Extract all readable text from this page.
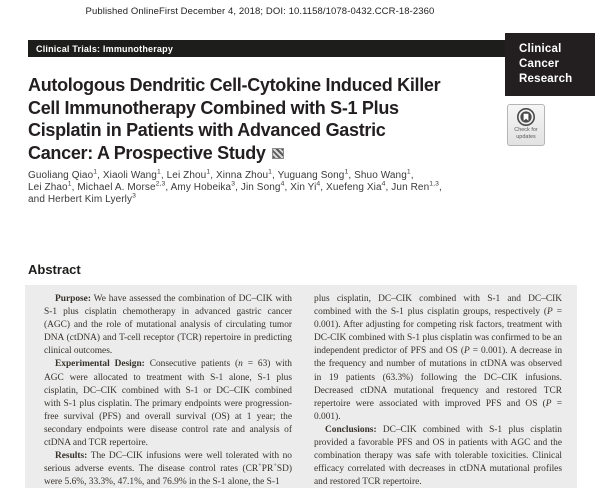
Published OnlineFirst December 4, 2018; DOI: 10.1158/1078-0432.CCR-18-2360
Clinical Trials: Immunotherapy	Clinical
Cancer
Research
Check for
updates
Autologous Dendritic Cell-Cytokine Induced Killer
Cell Immunotherapy Combined with S-1 Plus
Cisplatin in Patients with Advanced Gastric
Cancer: A Prospective Study
Guoliang Qiao$^1$, Xiaoli Wang$^1$, Lei Zhou$^1$, Xinna Zhou$^1$, Yuguang Song$^1$, Shuo Wang$^1$,
Lei Zhao$^1$, Michael A. Morse$^{2,3}$, Amy Hobeika$^3$, Jin Song$^4$, Xin Yi$^4$, Xuefeng Xia$^4$, Jun Ren$^{1,3}$,
and Herbert Kim Lyerly$^3$
Abstract

Purpose: We have assessed the combination of DC–CIK with S-1 plus cisplatin chemotherapy in advanced gastric cancer (AGC) and the role of mutational analysis of circulating tumor DNA (ctDNA) and T-cell receptor (TCR) repertoire in predicting clinical outcomes.

Experimental Design: Consecutive patients (n = 63) with AGC were allocated to treatment with S-1 alone, S-1 plus cisplatin, DC–CIK combined with S-1 or DC–CIK combined with S-1 plus cisplatin. The primary endpoints were progression-free survival (PFS) and overall survival (OS) at 1 year; the secondary endpoints were disease control rate and analysis of ctDNA and TCR repertoire.

Results: The DC–CIK infusions were well tolerated with no serious adverse events. The disease control rates (CR+PR+SD) were 5.6%, 33.3%, 47.1%, and 76.9% in the S-1 alone, the S-1

plus cisplatin, DC–CIK combined with S-1 and DC–CIK combined with the S-1 plus cisplatin groups, respectively (P = 0.001). After adjusting for competing risk factors, treatment with DC-CIK combined with S-1 plus cisplatin was confirmed to be an independent predictor of PFS and OS (P = 0.001). A decrease in the frequency and number of mutations in ctDNA was observed in 19 patients (63.3%) following the DC–CIK infusions. Decreased ctDNA mutational frequency and restored TCR repertoire were associated with improved PFS and OS (P = 0.001).

Conclusions: DC–CIK combined with S-1 plus cisplatin provided a favorable PFS and OS in patients with AGC and the combination therapy was safe with tolerable toxicities. Clinical efficacy correlated with decreases in ctDNA mutational profiles and restored TCR repertoire.
